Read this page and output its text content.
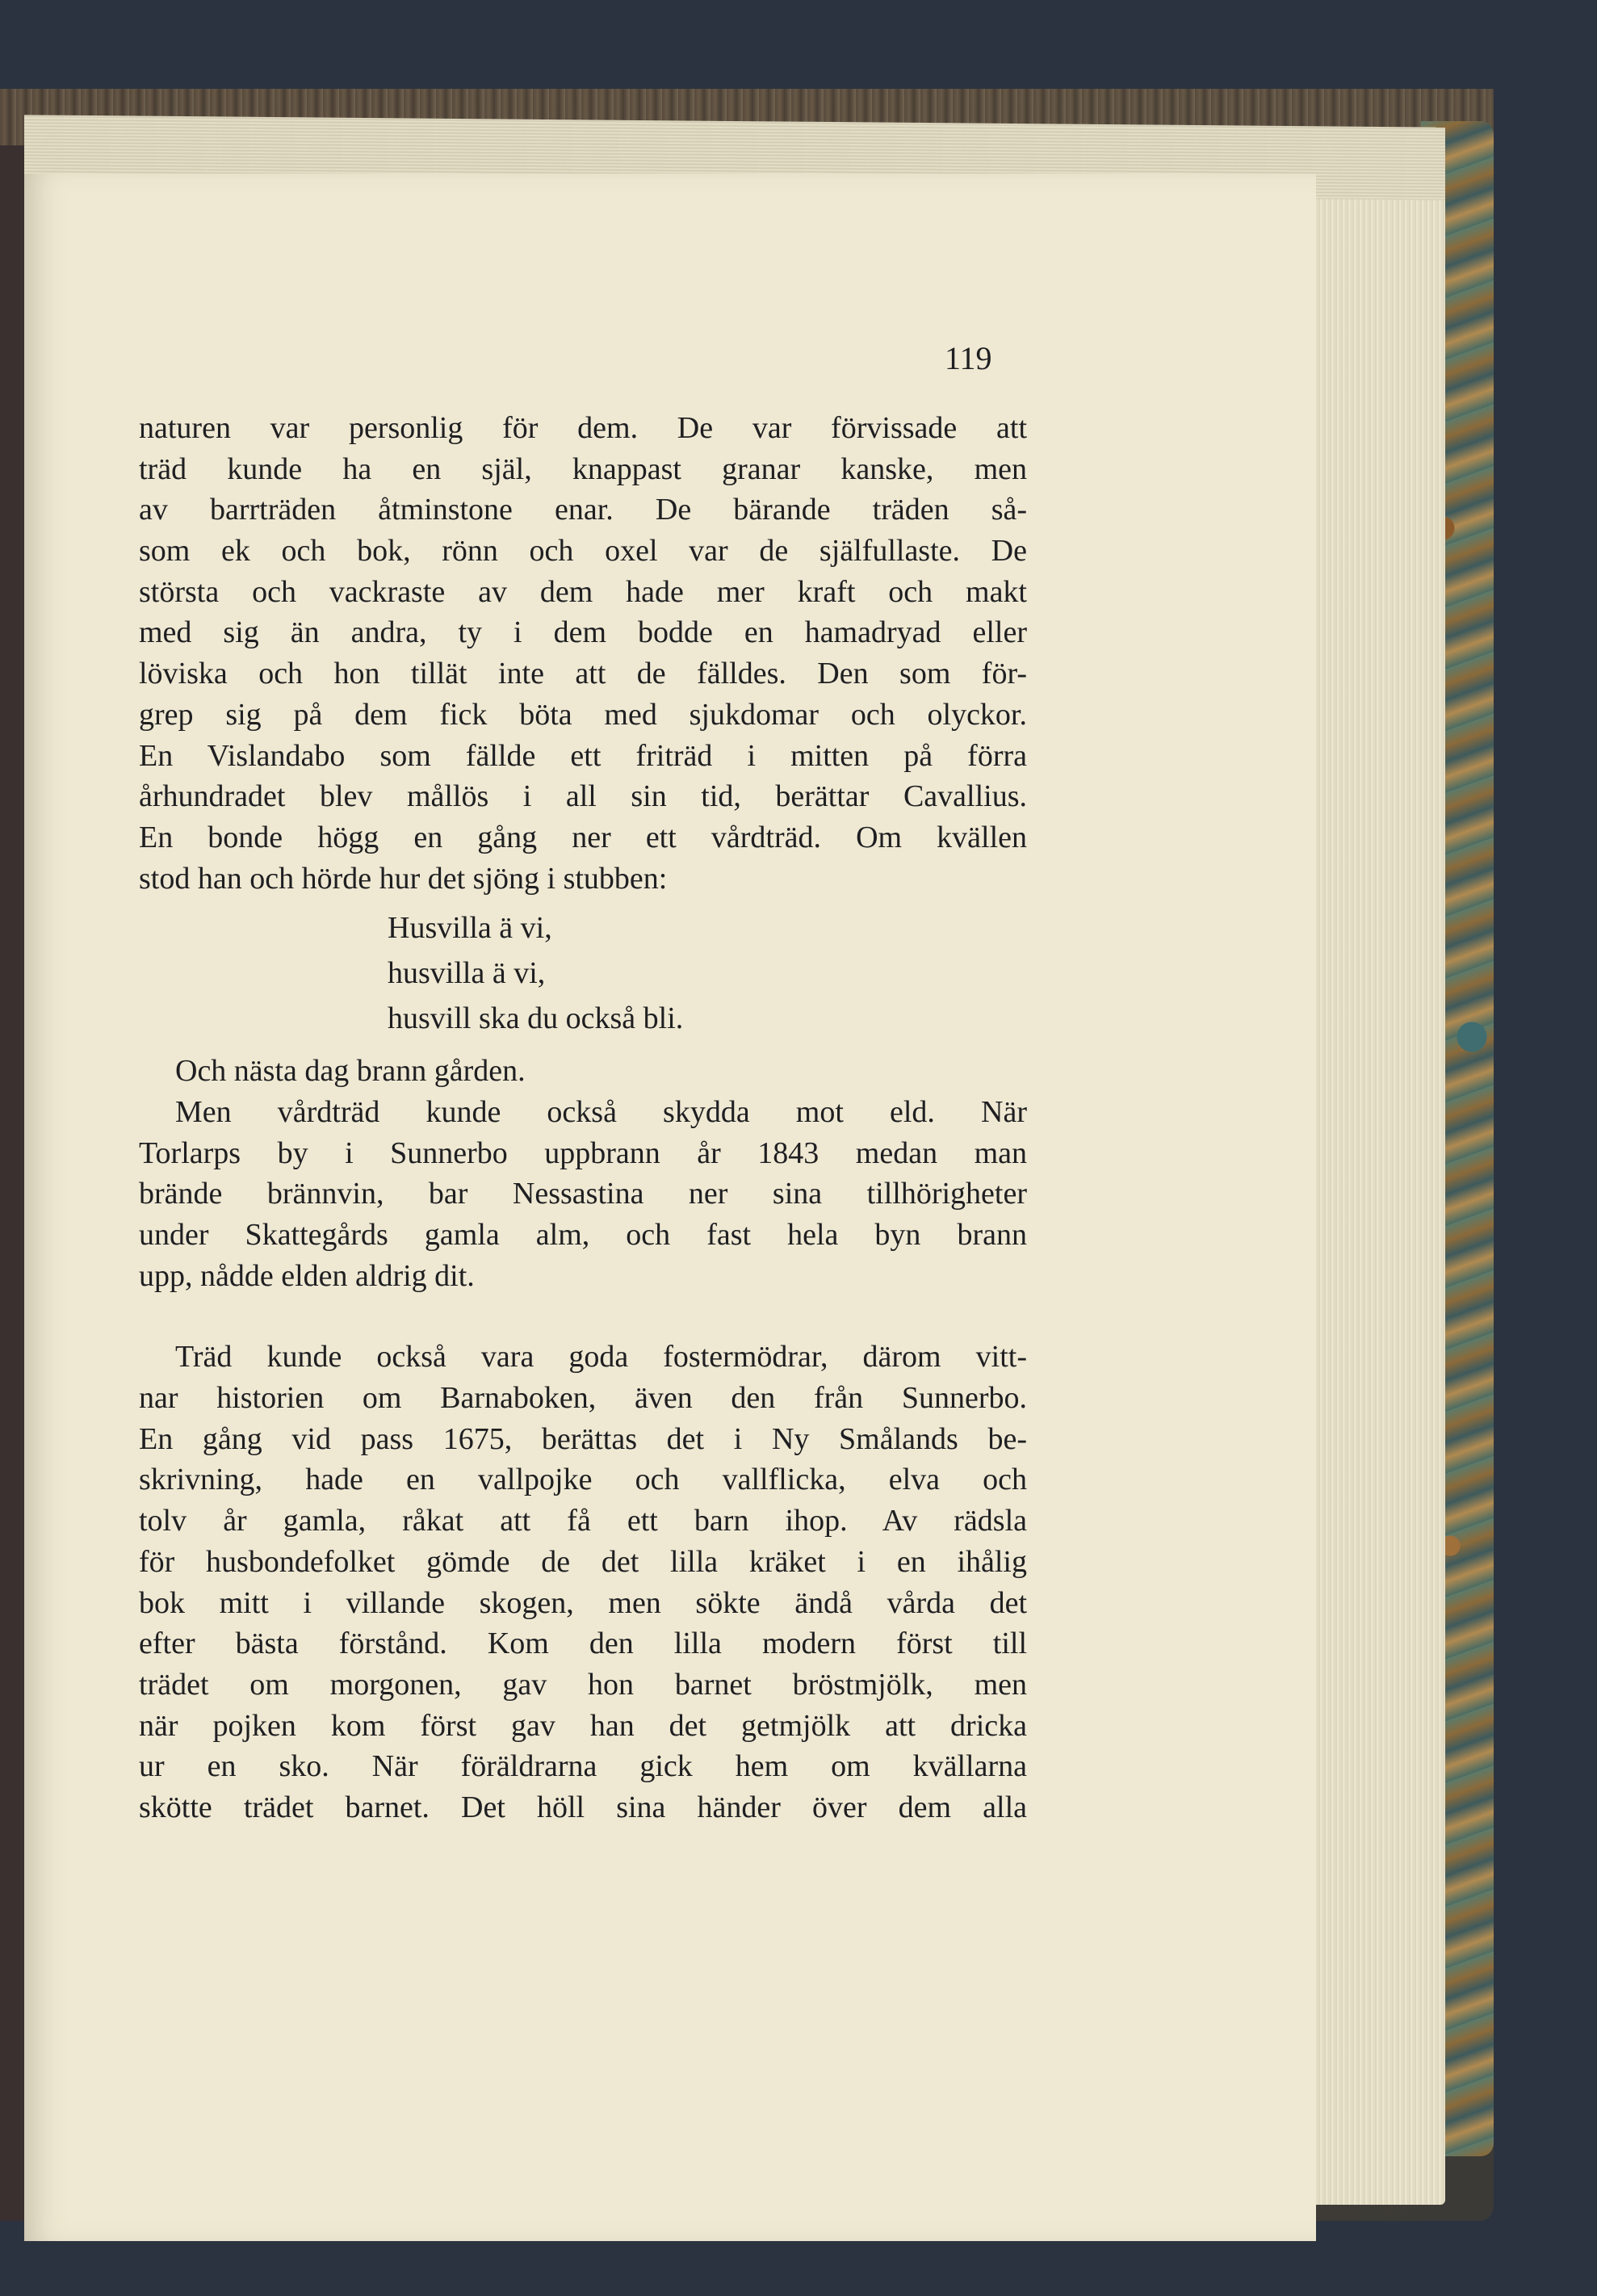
119
naturen var personlig för dem. De var förvissade att
träd kunde ha en själ, knappast granar kanske, men
av barrträden åtminstone enar. De bärande träden så-
som ek och bok, rönn och oxel var de själfullaste. De
största och vackraste av dem hade mer kraft och makt
med sig än andra, ty i dem bodde en hamadryad eller
löviska och hon tillät inte att de fälldes. Den som för-
grep sig på dem fick böta med sjukdomar och olyckor.
En Vislandabo som fällde ett friträd i mitten på förra
århundradet blev mållös i all sin tid, berättar Cavallius.
En bonde högg en gång ner ett vårdträd. Om kvällen
stod han och hörde hur det sjöng i stubben:
Husvilla ä vi,
husvilla ä vi,
husvill ska du också bli.
Och nästa dag brann gården.
Men vårdträd kunde också skydda mot eld. När
Torlarps by i Sunnerbo uppbrann år 1843 medan man
brände brännvin, bar Nessastina ner sina tillhörigheter
under Skattegårds gamla alm, och fast hela byn brann
upp, nådde elden aldrig dit.
Träd kunde också vara goda fostermödrar, därom vitt-
nar historien om Barnaboken, även den från Sunnerbo.
En gång vid pass 1675, berättas det i Ny Smålands be-
skrivning, hade en vallpojke och vallflicka, elva och
tolv år gamla, råkat att få ett barn ihop. Av rädsla
för husbondefolket gömde de det lilla kräket i en ihålig
bok mitt i villande skogen, men sökte ändå vårda det
efter bästa förstånd. Kom den lilla modern först till
trädet om morgonen, gav hon barnet bröstmjölk, men
när pojken kom först gav han det getmjölk att dricka
ur en sko. När föräldrarna gick hem om kvällarna
skötte trädet barnet. Det höll sina händer över dem alla
